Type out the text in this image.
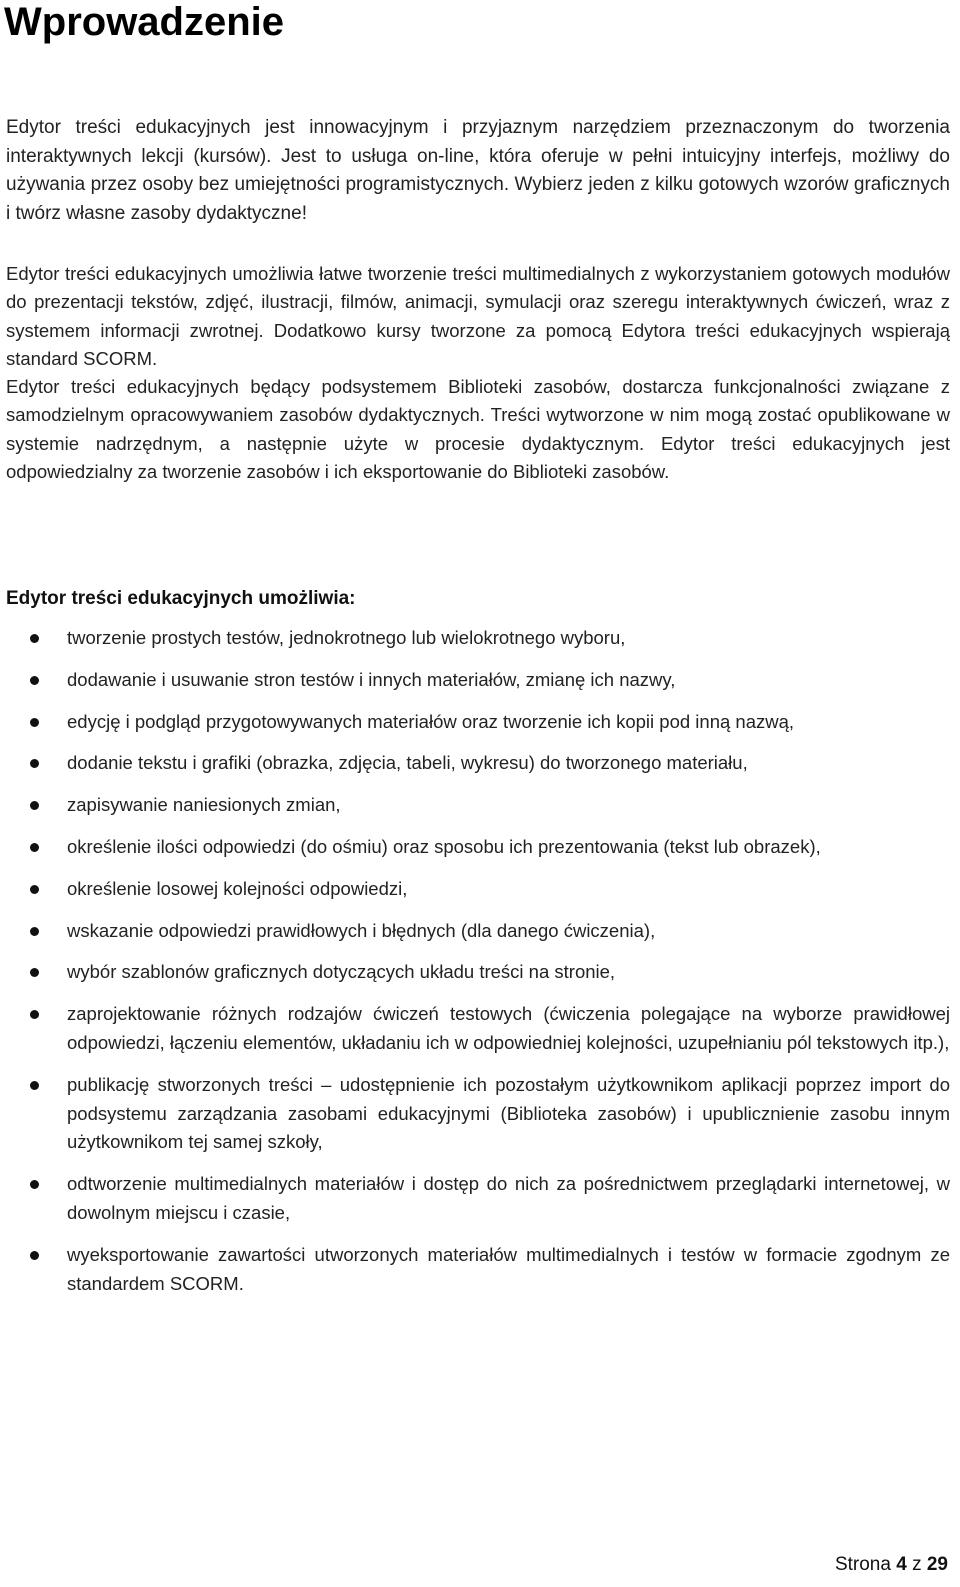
Wprowadzenie

Edytor treści edukacyjnych jest innowacyjnym i przyjaznym narzędziem przeznaczonym do tworzenia interaktywnych lekcji (kursów). Jest to usługa on-line, która oferuje w pełni intuicyjny interfejs, możliwy do używania przez osoby bez umiejętności programistycznych. Wybierz jeden z kilku gotowych wzorów graficznych i twórz własne zasoby dydaktyczne!

Edytor treści edukacyjnych umożliwia łatwe tworzenie treści multimedialnych z wykorzystaniem gotowych modułów do prezentacji tekstów, zdjęć, ilustracji, filmów, animacji, symulacji oraz szeregu interaktywnych ćwiczeń, wraz z systemem informacji zwrotnej. Dodatkowo kursy tworzone za pomocą Edytora treści edukacyjnych wspierają standard SCORM.

Edytor treści edukacyjnych będący podsystemem Biblioteki zasobów, dostarcza funkcjonalności związane z samodzielnym opracowywaniem zasobów dydaktycznych. Treści wytworzone w nim mogą zostać opublikowane w systemie nadrzędnym, a następnie użyte w procesie dydaktycznym. Edytor treści edukacyjnych jest odpowiedzialny za tworzenie zasobów i ich eksportowanie do Biblioteki zasobów.

Edytor treści edukacyjnych umożliwia:
tworzenie prostych testów, jednokrotnego lub wielokrotnego wyboru,
dodawanie i usuwanie stron testów i innych materiałów, zmianę ich nazwy,
edycję i podgląd przygotowywanych materiałów oraz tworzenie ich kopii pod inną nazwą,
dodanie tekstu i grafiki (obrazka, zdjęcia, tabeli, wykresu) do tworzonego materiału,
zapisywanie naniesionych zmian,
określenie ilości odpowiedzi (do ośmiu) oraz sposobu ich prezentowania (tekst lub obrazek),
określenie losowej kolejności odpowiedzi,
wskazanie odpowiedzi prawidłowych i błędnych (dla danego ćwiczenia),
wybór szablonów graficznych dotyczących układu treści na stronie,
zaprojektowanie różnych rodzajów ćwiczeń testowych (ćwiczenia polegające na wyborze prawidłowej odpowiedzi, łączeniu elementów, układaniu ich w odpowiedniej kolejności, uzupełnianiu pól tekstowych itp.),
publikację stworzonych treści – udostępnienie ich pozostałym użytkownikom aplikacji poprzez import do podsystemu zarządzania zasobami edukacyjnymi (Biblioteka zasobów) i upublicznienie zasobu innym użytkownikom tej samej szkoły,
odtworzenie multimedialnych materiałów i dostęp do nich za pośrednictwem przeglądarki internetowej, w dowolnym miejscu i czasie,
wyeksportowanie zawartości utworzonych materiałów multimedialnych i testów w formacie zgodnym ze standardem SCORM.
Strona 4 z 29
